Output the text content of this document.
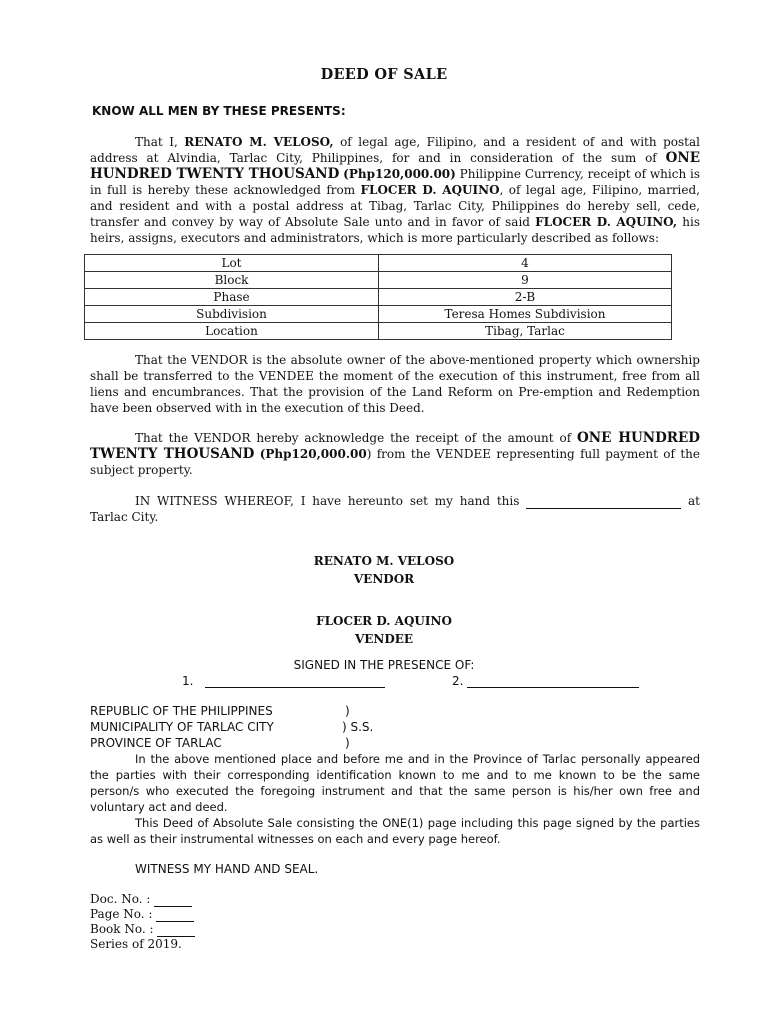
DEED OF SALE
KNOW ALL MEN BY THESE PRESENTS:
That I, RENATO M. VELOSO, of legal age, Filipino, and a resident of and with postal address at Alvindia, Tarlac City, Philippines, for and in consideration of the sum of ONE HUNDRED TWENTY THOUSAND (Php120,000.00) Philippine Currency, receipt of which is in full is hereby these acknowledged from FLOCER D. AQUINO, of legal age, Filipino, married, and resident and with a postal address at Tibag, Tarlac City, Philippines do hereby sell, cede, transfer and convey by way of Absolute Sale unto and in favor of said FLOCER D. AQUINO, his heirs, assigns, executors and administrators, which is more particularly described as follows:
Lot	4
Block	9
Phase	2-B
Subdivision	Teresa Homes Subdivision
Location	Tibag, Tarlac
That the VENDOR is the absolute owner of the above-mentioned property which ownership shall be transferred to the VENDEE the moment of the execution of this instrument, free from all liens and encumbrances. That the provision of the Land Reform on Pre-emption and Redemption have been observed with in the execution of this Deed.
That the VENDOR hereby acknowledge the receipt of the amount of ONE HUNDRED TWENTY THOUSAND (Php120,000.00) from the VENDEE representing full payment of the subject property.
IN WITNESS WHEREOF, I have hereunto set my hand this	at Tarlac City.
RENATO M. VELOSO
VENDOR
FLOCER D. AQUINO
VENDEE
SIGNED IN THE PRESENCE OF:
1.	2.
REPUBLIC OF THE PHILIPPINES	)
MUNICIPALITY OF TARLAC CITY	) S.S.
PROVINCE OF TARLAC	)
In the above mentioned place and before me and in the Province of Tarlac personally appeared the parties with their corresponding identification known to me and to me known to be the same person/s who executed the foregoing instrument and that the same person is his/her own free and voluntary act and deed.
This Deed of Absolute Sale consisting the ONE(1) page including this page signed by the parties as well as their instrumental witnesses on each and every page hereof.
WITNESS MY HAND AND SEAL.
Doc. No. :
Page No. :
Book No. :
Series of 2019.
